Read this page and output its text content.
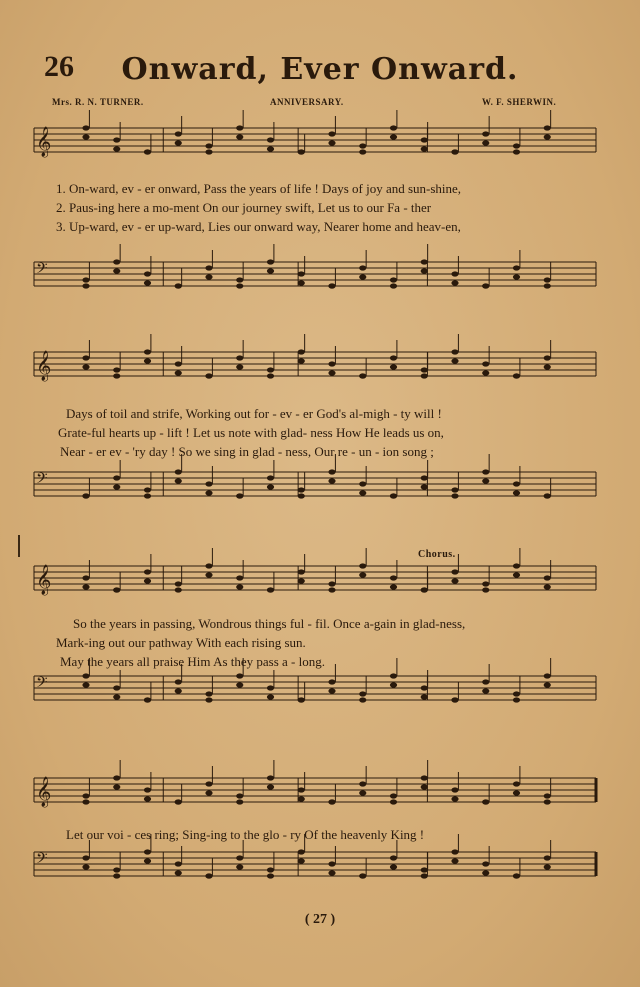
26	Onward, Ever Onward.
Mrs. R. N. TURNER.	ANNIVERSARY.	W. F. SHERWIN.
𝄞
𝄢
𝄞
𝄢
𝄞
𝄢
𝄞
𝄢
Chorus.
1. On-ward, ev - er onward, Pass the years of life ! Days of joy and sun-shine,
2. Paus-ing here a mo-ment On our journey swift, Let us to our Fa - ther
3. Up-ward, ev - er up-ward, Lies our onward way, Nearer home and heav-en,
Days of toil and strife, Working out for - ev - er God's al-migh - ty will !
Grate-ful hearts up - lift ! Let us note with glad- ness How He leads us on,
Near - er ev - 'ry day ! So we sing in glad - ness, Our re - un - ion song ;
So the years in passing, Wondrous things ful - fil. Once a-gain in glad-ness,
Mark-ing out our pathway With each rising sun.
May the years all praise Him As they pass a - long.
Let our voi - ces ring; Sing-ing to the glo - ry Of the heavenly King !
( 27 )
